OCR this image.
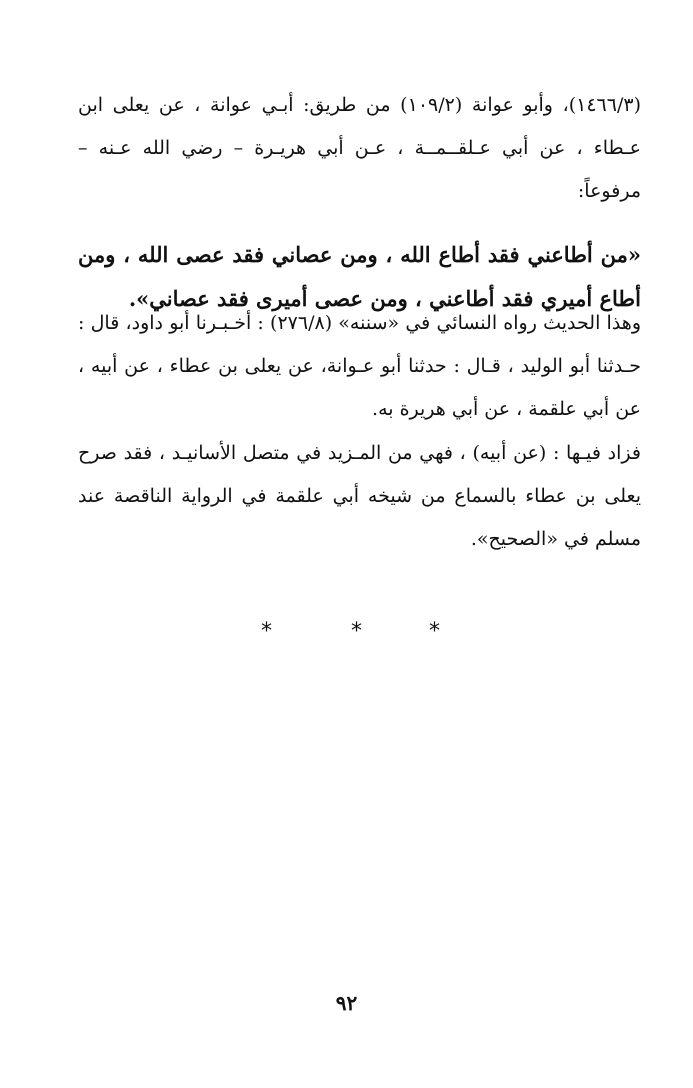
(١٤٦٦/٣)، وأبو عوانة (١٠٩/٢) من طريق: أبـي عوانة ، عن يعلى ابن عـطاء ، عن أبي عـلقــمــة ، عـن أبي هريـرة – رضي الله عـنه – مرفوعاً:

«من أطاعني فقد أطاع الله ، ومن عصاني فقد عصى الله ، ومن أطاع أميري فقد أطاعني ، ومن عصى أميرى فقد عصاني».

وهذا الحديث رواه النسائي في «سننه» (٢٧٦/٨) : أخـبـرنا أبو داود، قال : حـدثنا أبو الوليد ، قـال : حدثنا أبو عـوانة، عن يعلى بن عطاء ، عن أبيه ، عن أبي علقمة ، عن أبي هريرة به.

فزاد فيـها : (عن أبيه) ، فهي من المـزيد في متصل الأسانيـد ، فقد صرح يعلى بن عطاء بالسماع من شيخه أبي علقمة في الرواية الناقصة عند مسلم في «الصحيح».

*	*	*
٩٢
